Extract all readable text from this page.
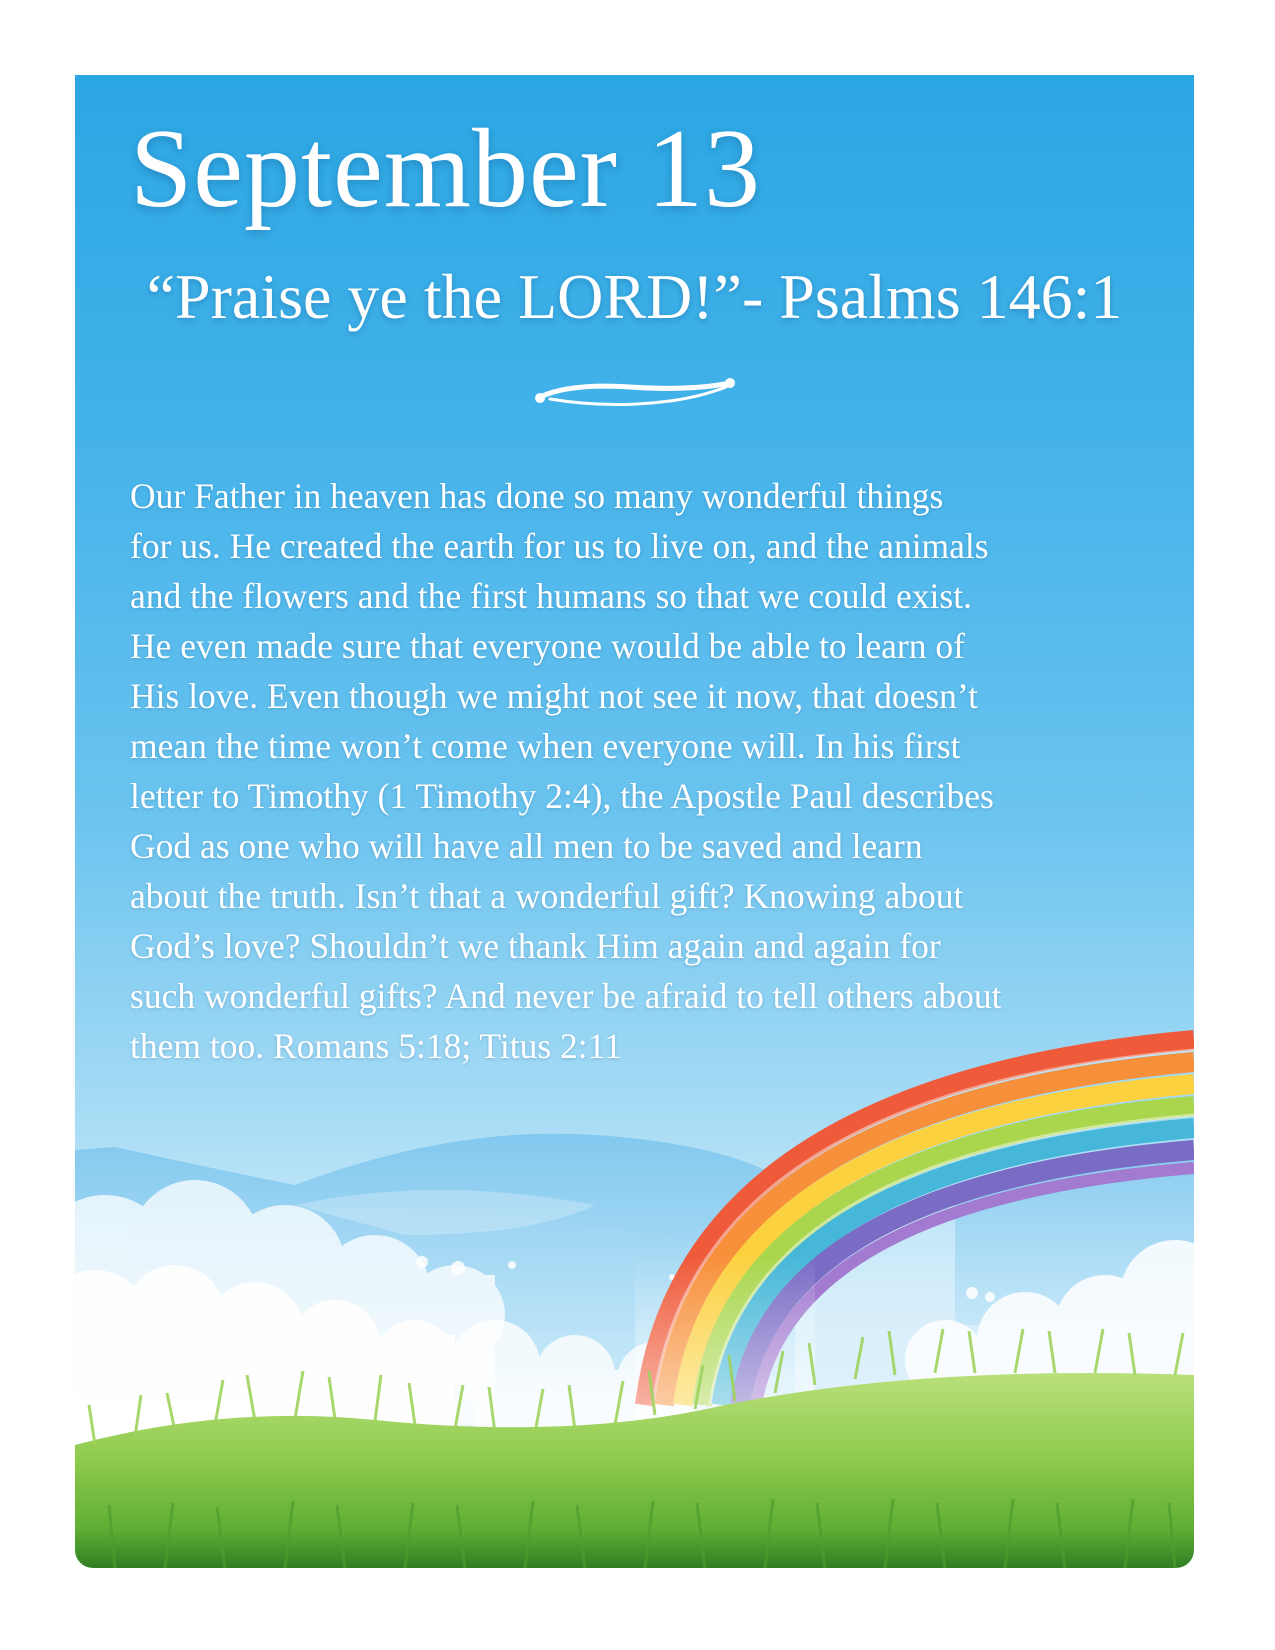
September 13
“Praise ye the LORD!”- Psalms 146:1

Our Father in heaven has done so many wonderful things
for us. He created the earth for us to live on, and the animals
and the flowers and the first humans so that we could exist.
He even made sure that everyone would be able to learn of
His love. Even though we might not see it now, that doesn’t
mean the time won’t come when everyone will. In his first
letter to Timothy (1 Timothy 2:4), the Apostle Paul describes
God as one who will have all men to be saved and learn
about the truth. Isn’t that a wonderful gift? Knowing about
God’s love? Shouldn’t we thank Him again and again for
such wonderful gifts? And never be afraid to tell others about
them too. Romans 5:18; Titus 2:11
